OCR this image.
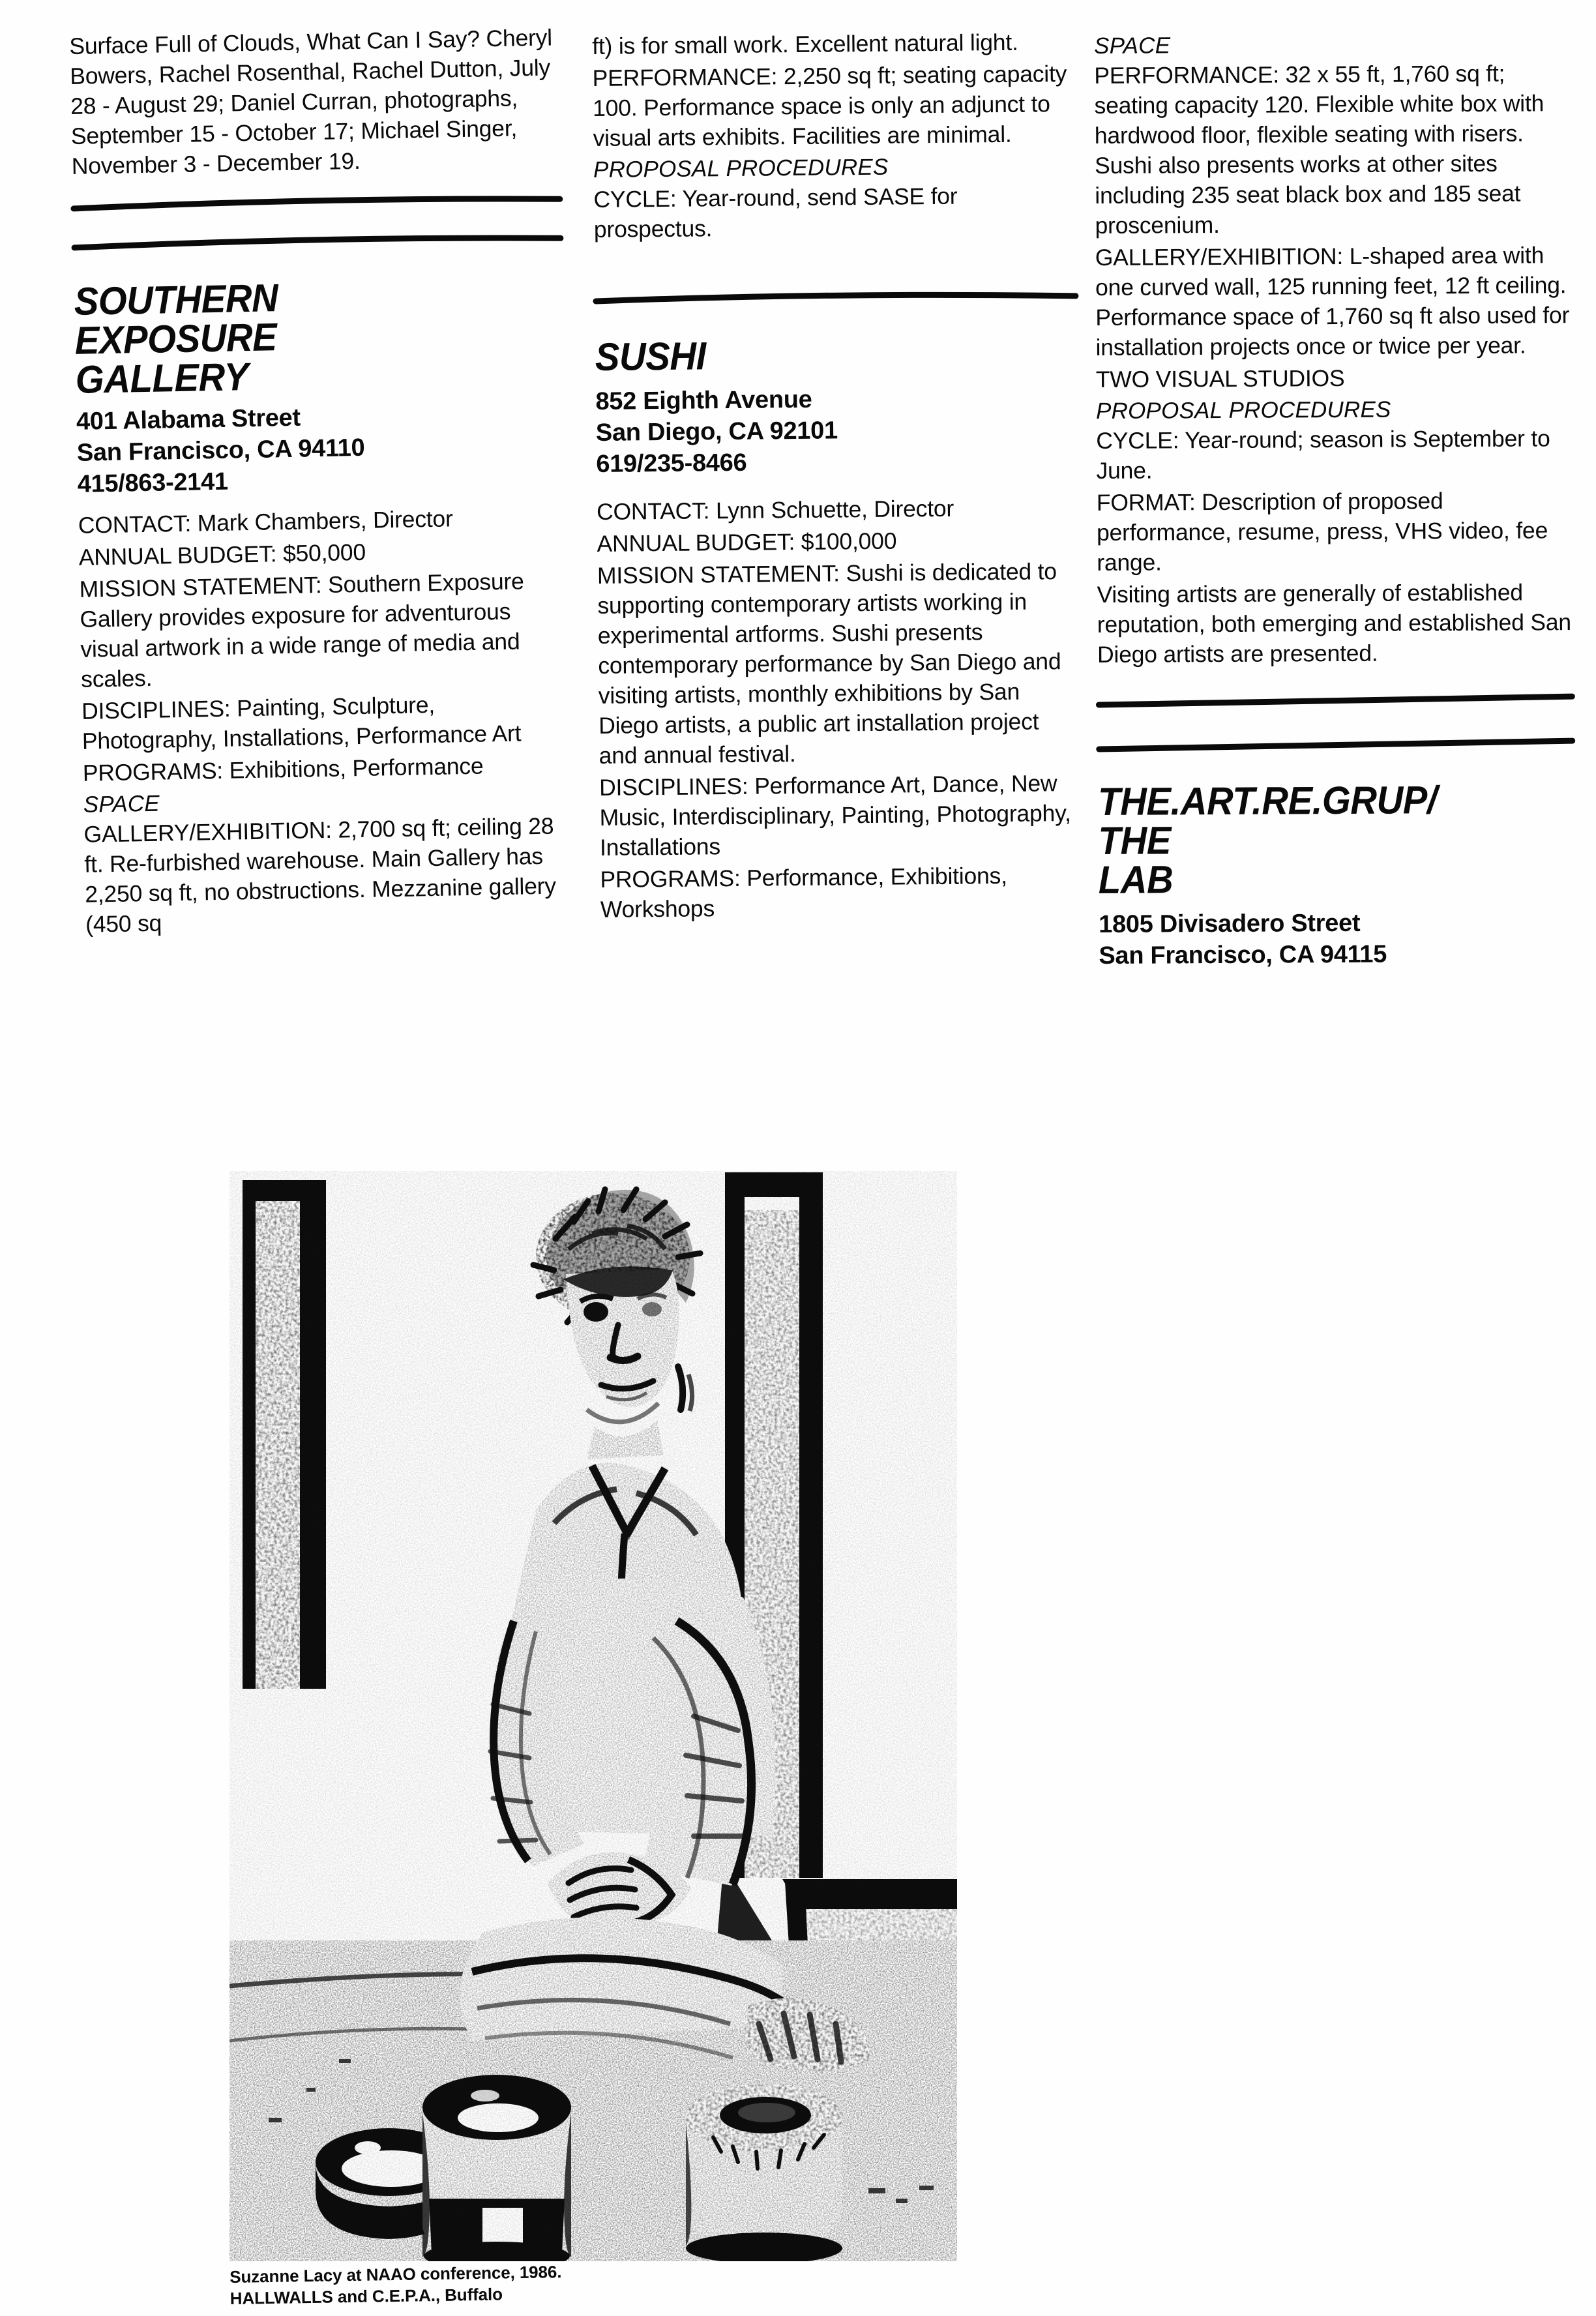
Surface Full of Clouds, What Can I Say? Cheryl Bowers, Rachel Rosenthal, Rachel Dutton, July 28 - August 29; Daniel Curran, photographs, September 15 - October 17; Michael Singer, November 3 - December 19.

SOUTHERN
EXPOSURE
GALLERY
401 Alabama Street
San Francisco, CA 94110
415/863-2141

CONTACT: Mark Chambers, Director

ANNUAL BUDGET: $50,000

MISSION STATEMENT: Southern Exposure Gallery provides exposure for adventurous visual artwork in a wide range of media and scales.

DISCIPLINES: Painting, Sculpture, Photography, Installations, Performance Art

PROGRAMS: Exhibitions, Performance

SPACE

GALLERY/EXHIBITION: 2,700 sq ft; ceiling 28 ft. Re-furbished warehouse. Main Gallery has 2,250 sq ft, no obstructions. Mezzanine gallery (450 sq

ft) is for small work. Excellent natural light.

PERFORMANCE: 2,250 sq ft; seating capacity 100. Performance space is only an adjunct to visual arts exhibits. Facilities are minimal.

PROPOSAL PROCEDURES

CYCLE: Year-round, send SASE for prospectus.

SUSHI
852 Eighth Avenue
San Diego, CA 92101
619/235-8466

CONTACT: Lynn Schuette, Director

ANNUAL BUDGET: $100,000

MISSION STATEMENT: Sushi is dedicated to supporting contemporary artists working in experimental artforms. Sushi presents contemporary performance by San Diego and visiting artists, monthly exhibitions by San Diego artists, a public art installation project and annual festival.

DISCIPLINES: Performance Art, Dance, New Music, Interdisciplinary, Painting, Photography, Installations

PROGRAMS: Performance, Exhibitions, Workshops

SPACE

PERFORMANCE: 32 x 55 ft, 1,760 sq ft; seating capacity 120. Flexible white box with hardwood floor, flexible seating with risers. Sushi also presents works at other sites including 235 seat black box and 185 seat proscenium.

GALLERY/EXHIBITION: L-shaped area with one curved wall, 125 running feet, 12 ft ceiling. Performance space of 1,760 sq ft also used for installation projects once or twice per year.

TWO VISUAL STUDIOS

PROPOSAL PROCEDURES

CYCLE: Year-round; season is September to June.

FORMAT: Description of proposed performance, resume, press, VHS video, fee range.

Visiting artists are generally of established reputation, both emerging and established San Diego artists are presented.

THE.ART.RE.GRUP/
THE
LAB
1805 Divisadero Street
San Francisco, CA 94115
Suzanne Lacy at NAAO conference, 1986.
HALLWALLS and C.E.P.A., Buffalo
